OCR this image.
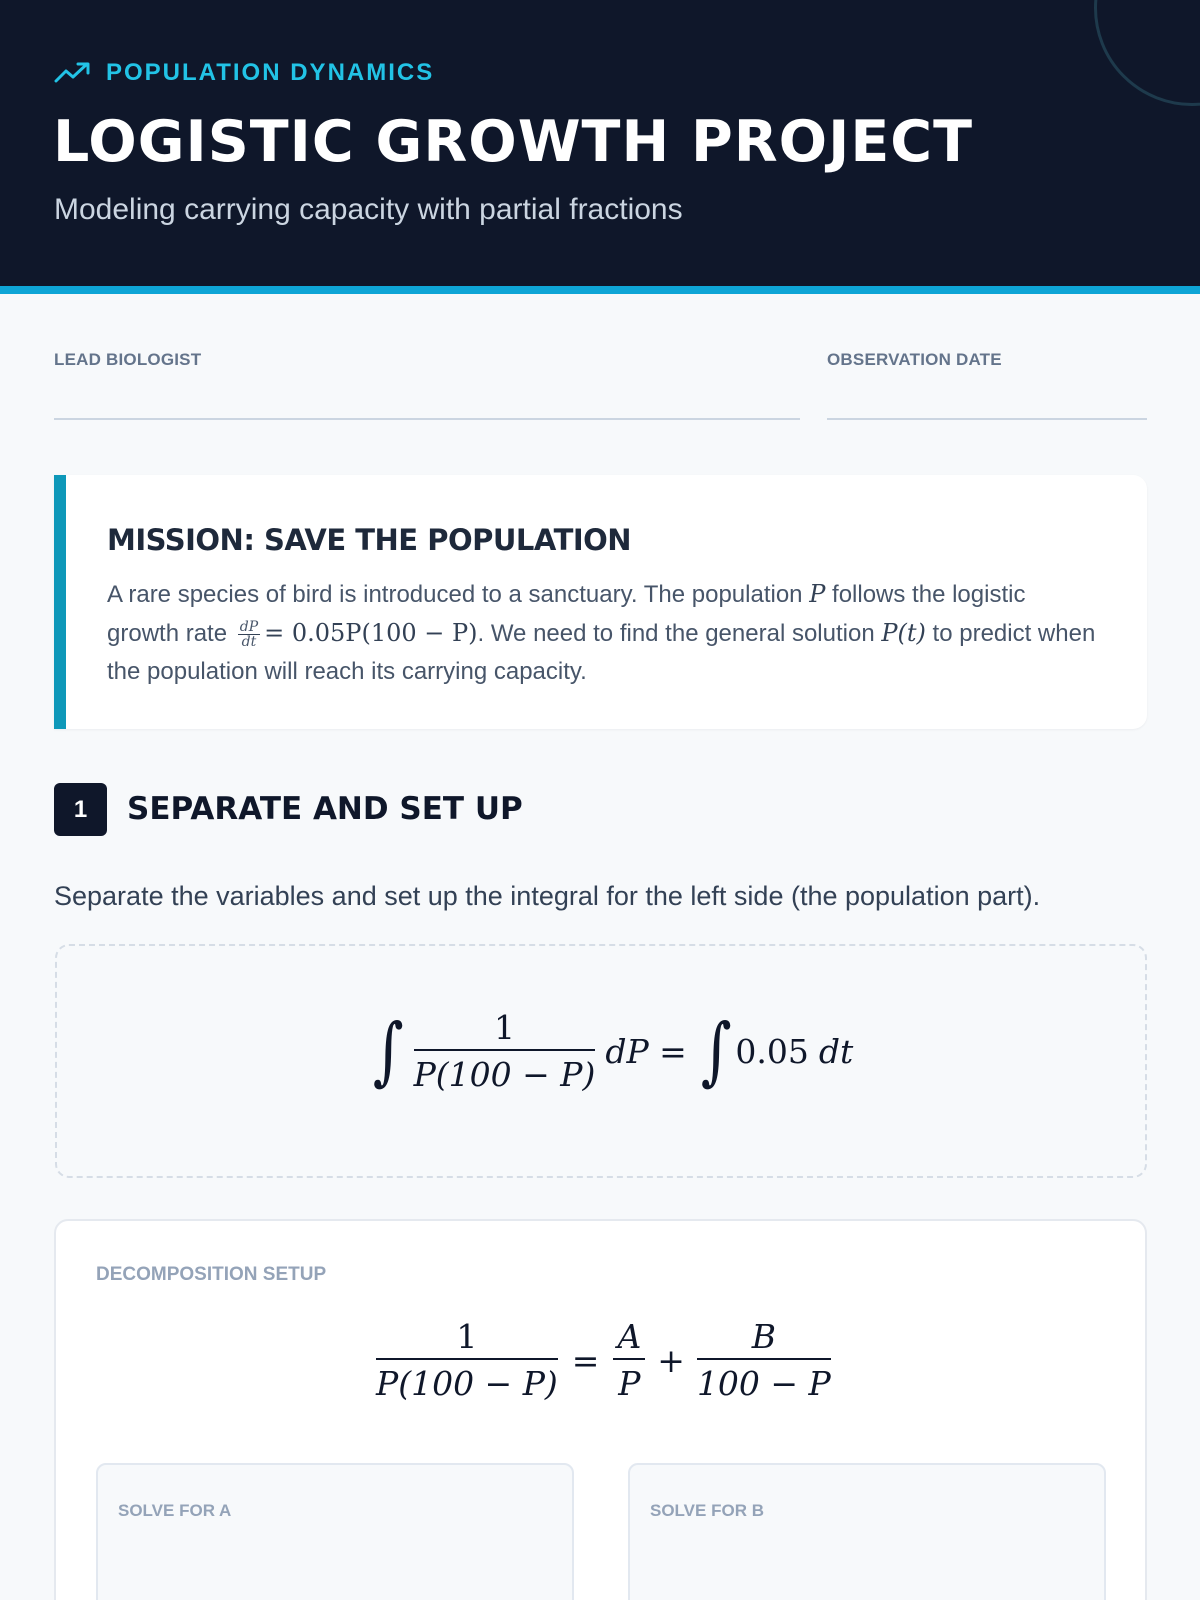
POPULATION DYNAMICS
LOGISTIC GROWTH PROJECT

Modeling carrying capacity with partial fractions

LEAD BIOLOGIST	OBSERVATION DATE
MISSION: SAVE THE POPULATION

A rare species of bird is introduced to a sanctuary. The population P follows the logistic growth rate $\frac{dP}{dt} = 0.05P(100 - P)$. We need to find the general solution P(t) to predict when the population will reach its carrying capacity.

1	SEPARATE AND SET UP

Separate the variables and set up the integral for the left side (the population part).

∫ $\frac{1}{P(100 - P)}$ dP = ∫ 0.05 dt
DECOMPOSITION SETUP
$\frac{1}{P(100 - P)} = \frac{A}{P} + \frac{B}{100 - P}$
SOLVE FOR A	SOLVE FOR B
